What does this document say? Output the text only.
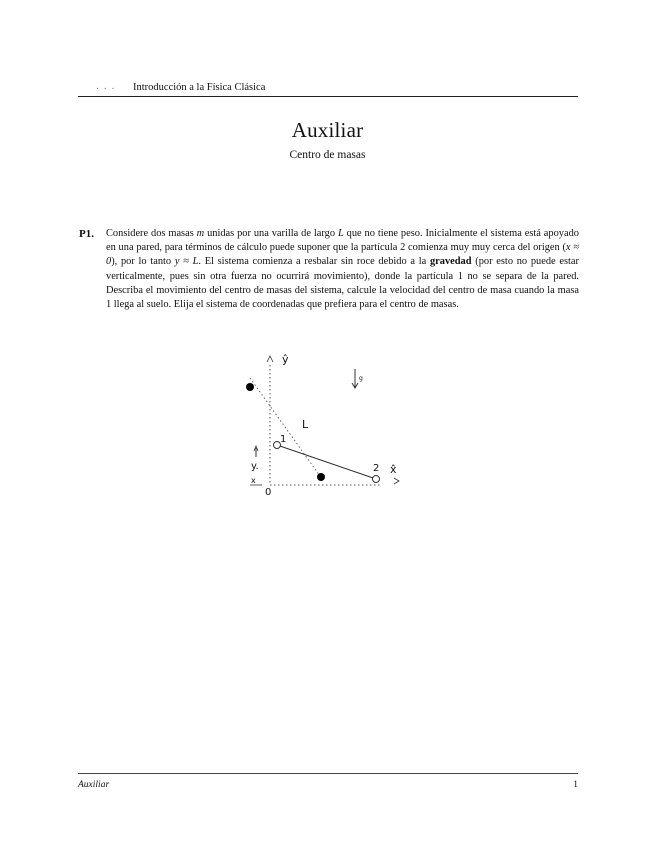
. . . Introducción a la Física Clásica
Auxiliar
Centro de masas
P1. Considere dos masas m unidas por una varilla de largo L que no tiene peso. Inicialmente el sistema está apoyado en una pared, para términos de cálculo puede suponer que la partícula 2 comienza muy muy cerca del origen (x ≈ 0), por lo tanto y ≈ L. El sistema comienza a resbalar sin roce debido a la gravedad (por esto no puede estar verticalmente, pues sin otra fuerza no ocurrirá movimiento), donde la partícula 1 no se separa de la pared. Describa el movimiento del centro de masas del sistema, calcule la velocidad del centro de masa cuando la masa 1 llega al suelo. Elija el sistema de coordenadas que prefiera para el centro de masas.
ŷ
x̂
1
2
L
g
y.
x
0
Auxiliar	1
